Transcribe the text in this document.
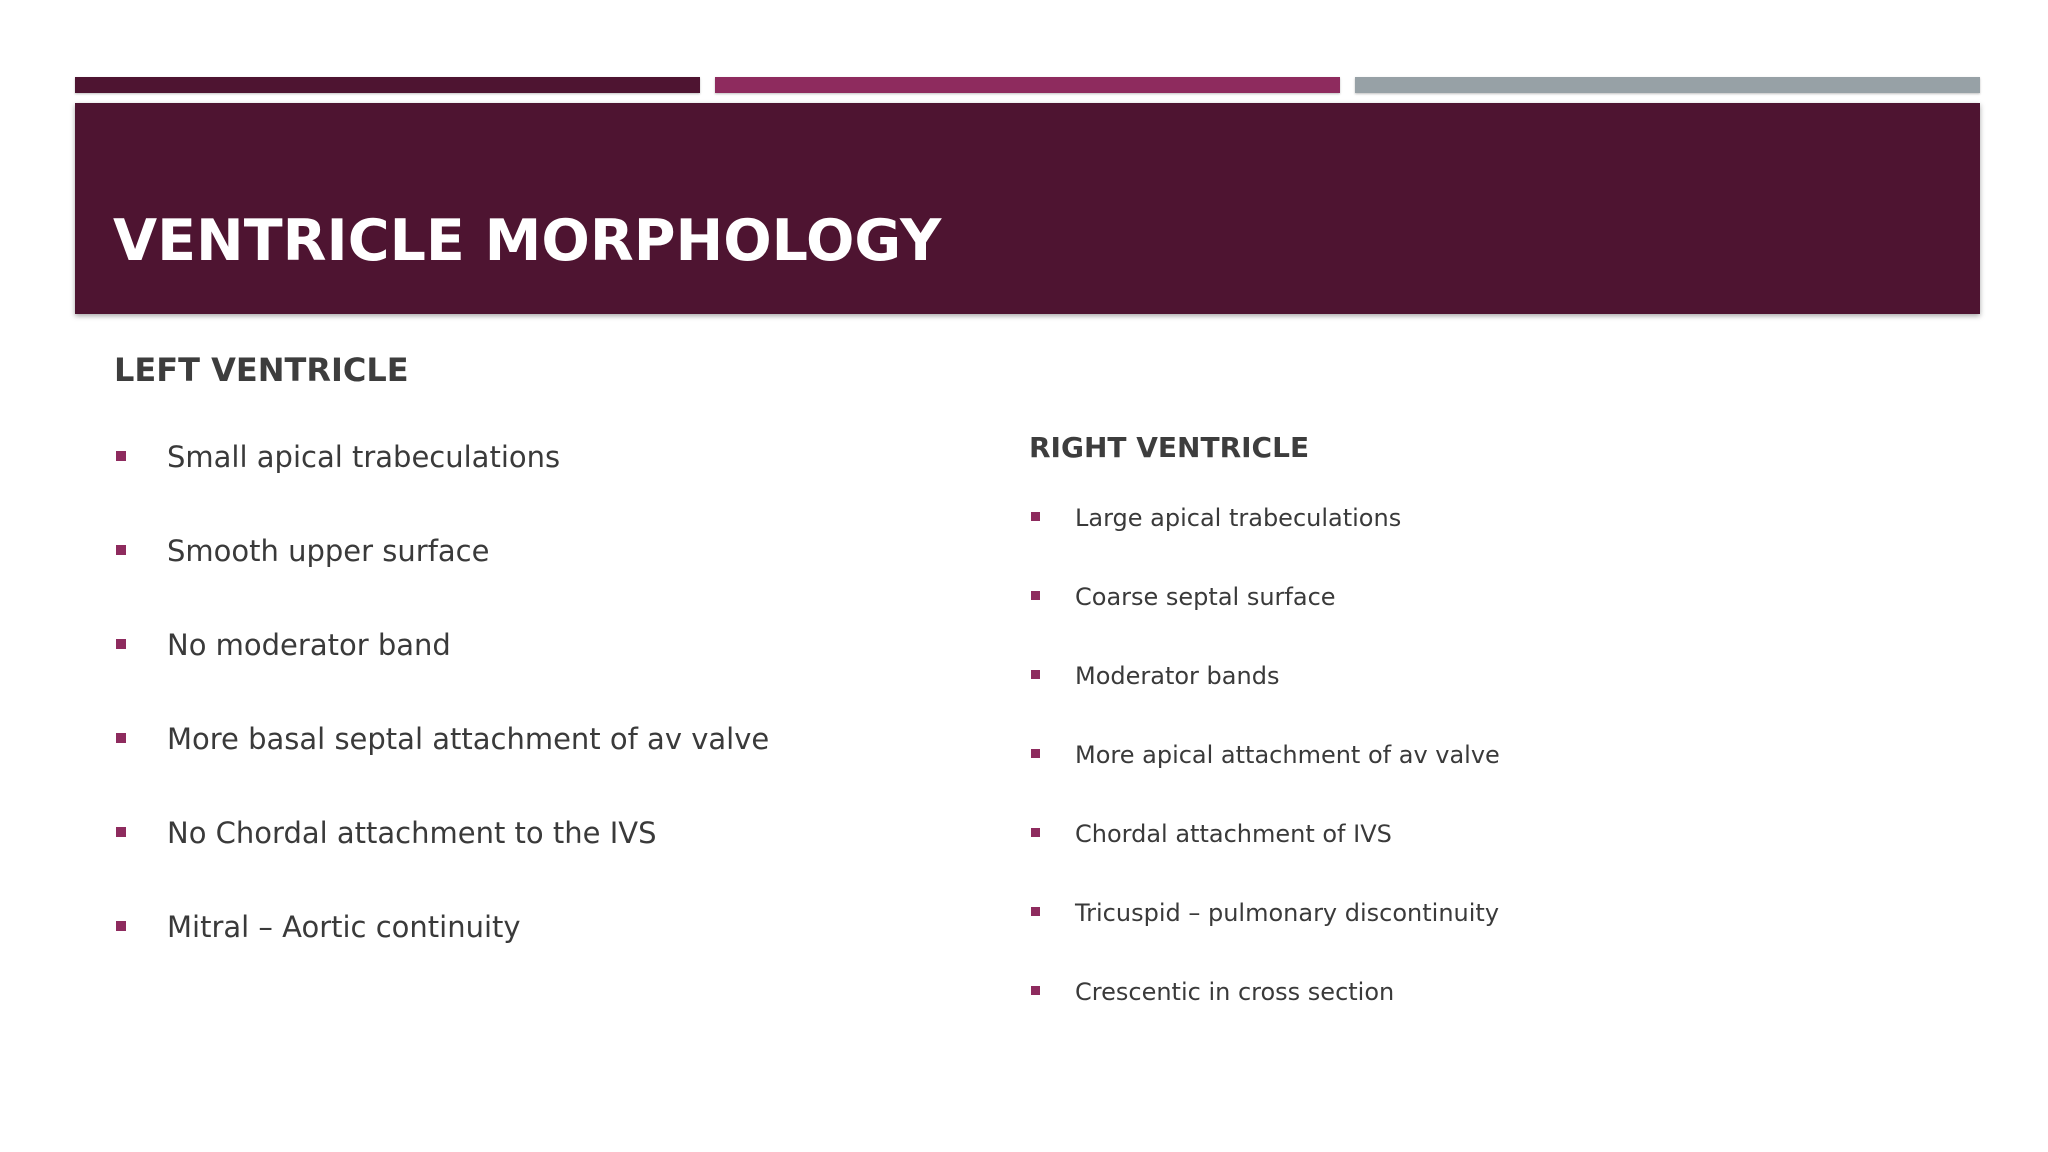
VENTRICLE MORPHOLOGY
LEFT VENTRICLE
RIGHT VENTRICLE
Small apical trabeculations
Smooth upper surface
No moderator band
More basal septal attachment of av valve
No Chordal attachment to the IVS
Mitral – Aortic continuity
Large apical trabeculations
Coarse septal surface
Moderator bands
More apical attachment of av valve
Chordal attachment of IVS
Tricuspid – pulmonary discontinuity
Crescentic in cross section
